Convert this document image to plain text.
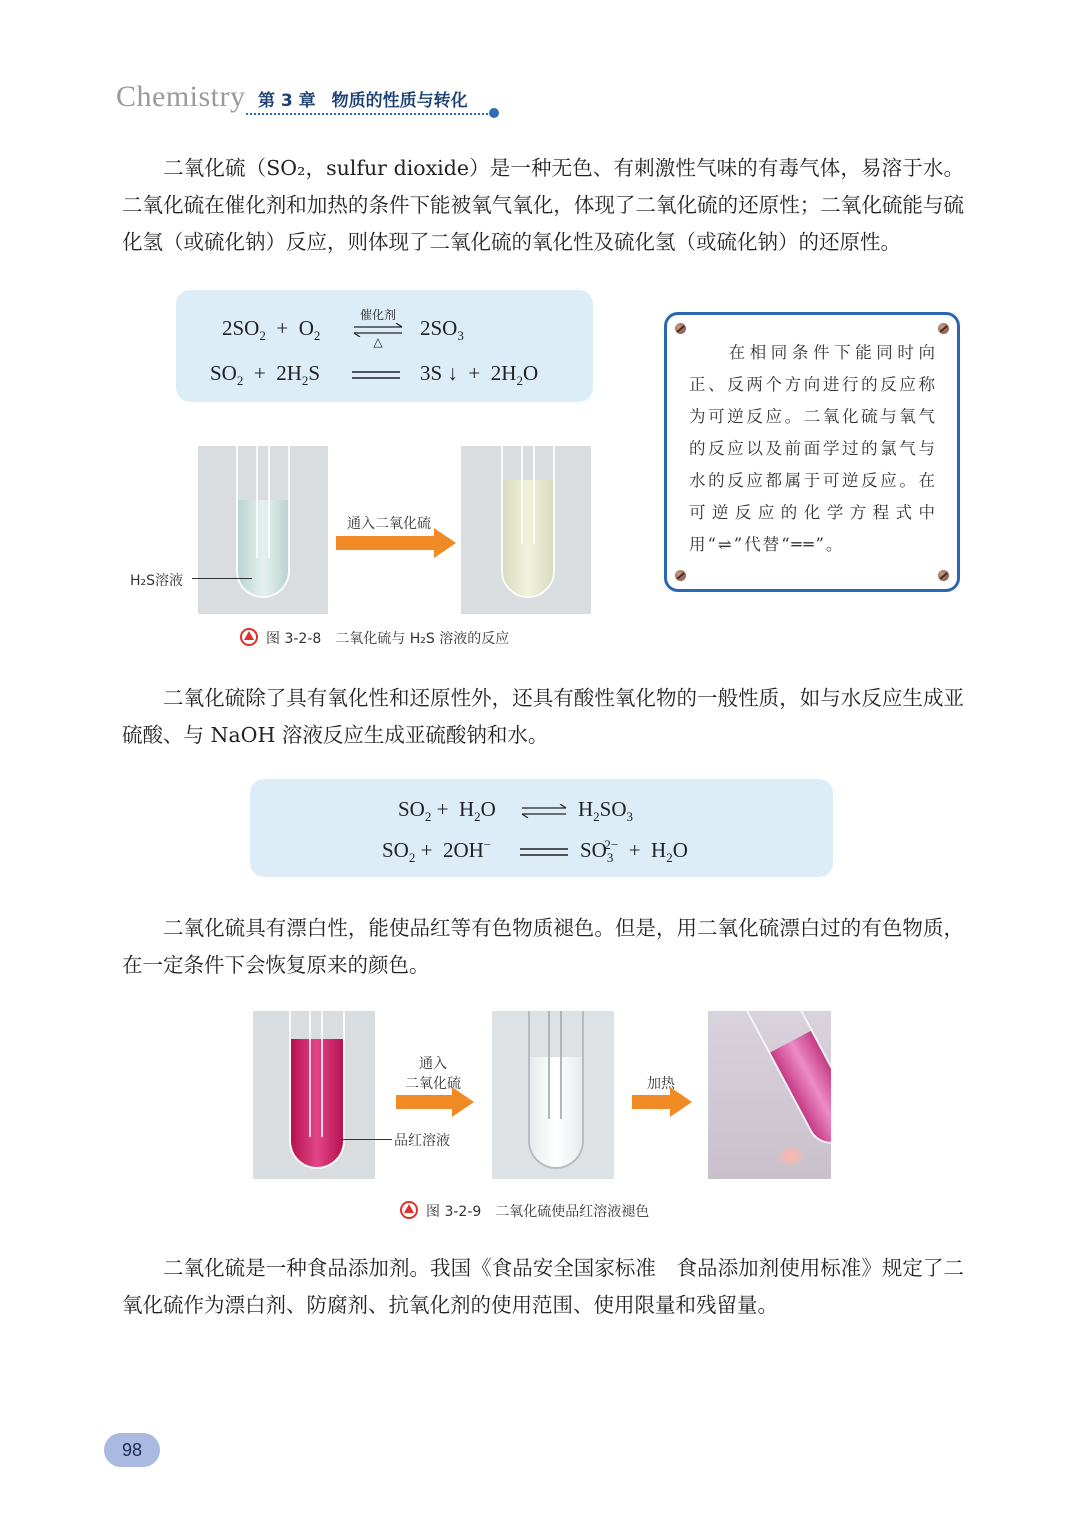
Chemistry 第 3 章 物质的性质与转化
二氧化硫（SO₂，sulfur dioxide）是一种无色、有刺激性气味的有毒气体，易溶于水。二氧化硫在催化剂和加热的条件下能被氧气氧化，体现了二氧化硫的还原性；二氧化硫能与硫化氢（或硫化钠）反应，则体现了二氧化硫的氧化性及硫化氢（或硫化钠）的还原性。
$2SO_2 + O_2$
催化剂
△
$2SO_3$
$SO_2 + 2H_2S$	3S ↓  +  $2H_2O$
在相同条件下能同时向正、反两个方向进行的反应称为可逆反应。二氧化硫与氧气的反应以及前面学过的氯气与水的反应都属于可逆反应。在可逆反应的化学方程式中用“⇌”代替“══”。
H₂S溶液
通入二氧化硫
图 3-2-8　二氧化硫与 H₂S 溶液的反应
二氧化硫除了具有氧化性和还原性外，还具有酸性氧化物的一般性质，如与水反应生成亚硫酸、与 NaOH 溶液反应生成亚硫酸钠和水。
$SO_2 + H_2O$ ⇌ $H_2SO_3$
$SO_2 + 2OH^-$	$SO_3^{2-} + H_2O$
二氧化硫具有漂白性，能使品红等有色物质褪色。但是，用二氧化硫漂白过的有色物质，在一定条件下会恢复原来的颜色。
品红溶液
通入
二氧化硫	加热
图 3-2-9　二氧化硫使品红溶液褪色
二氧化硫是一种食品添加剂。我国《食品安全国家标准　食品添加剂使用标准》规定了二氧化硫作为漂白剂、防腐剂、抗氧化剂的使用范围、使用限量和残留量。
98
